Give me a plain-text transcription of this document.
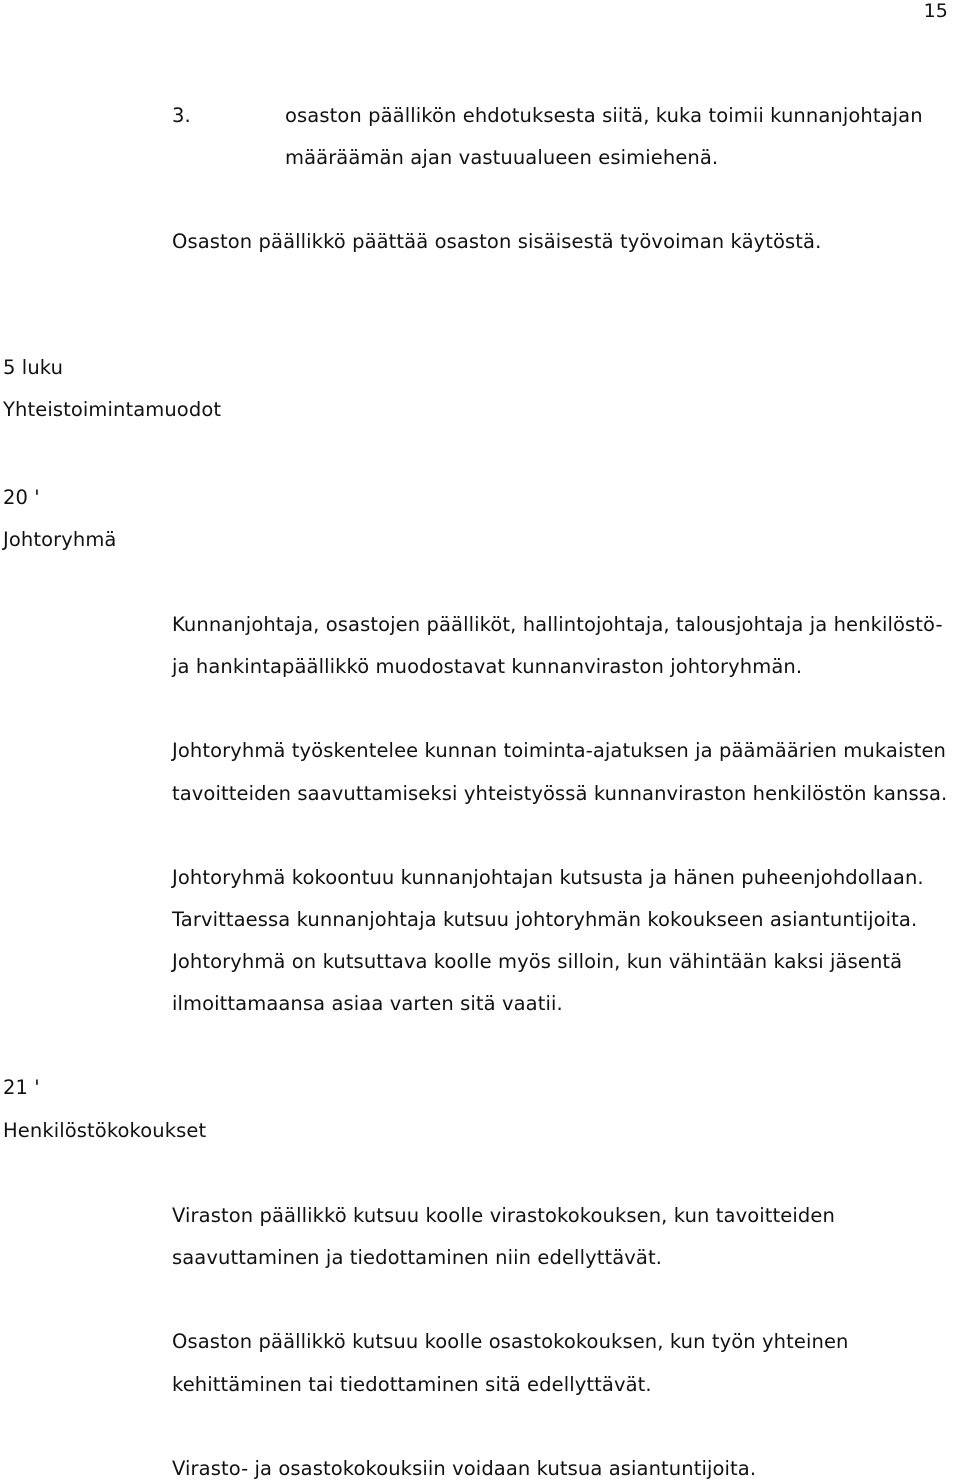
15
3.	osaston päällikön ehdotuksesta siitä, kuka toimii kunnanjohtajan
määräämän ajan vastuualueen esimiehenä.
Osaston päällikkö päättää osaston sisäisestä työvoiman käytöstä.
5 luku
Yhteistoimintamuodot
20 '
Johtoryhmä
Kunnanjohtaja, osastojen päälliköt, hallintojohtaja, talousjohtaja ja henkilöstö-
ja hankintapäällikkö muodostavat kunnanviraston johtoryhmän.
Johtoryhmä työskentelee kunnan toiminta-ajatuksen ja päämäärien mukaisten
tavoitteiden saavuttamiseksi yhteistyössä kunnanviraston henkilöstön kanssa.
Johtoryhmä kokoontuu kunnanjohtajan kutsusta ja hänen puheenjohdollaan.
Tarvittaessa kunnanjohtaja kutsuu johtoryhmän kokoukseen asiantuntijoita.
Johtoryhmä on kutsuttava koolle myös silloin, kun vähintään kaksi jäsentä
ilmoittamaansa asiaa varten sitä vaatii.
21 '
Henkilöstökokoukset
Viraston päällikkö kutsuu koolle virastokokouksen, kun tavoitteiden
saavuttaminen ja tiedottaminen niin edellyttävät.
Osaston päällikkö kutsuu koolle osastokokouksen, kun työn yhteinen
kehittäminen tai tiedottaminen sitä edellyttävät.
Virasto- ja osastokokouksiin voidaan kutsua asiantuntijoita.
